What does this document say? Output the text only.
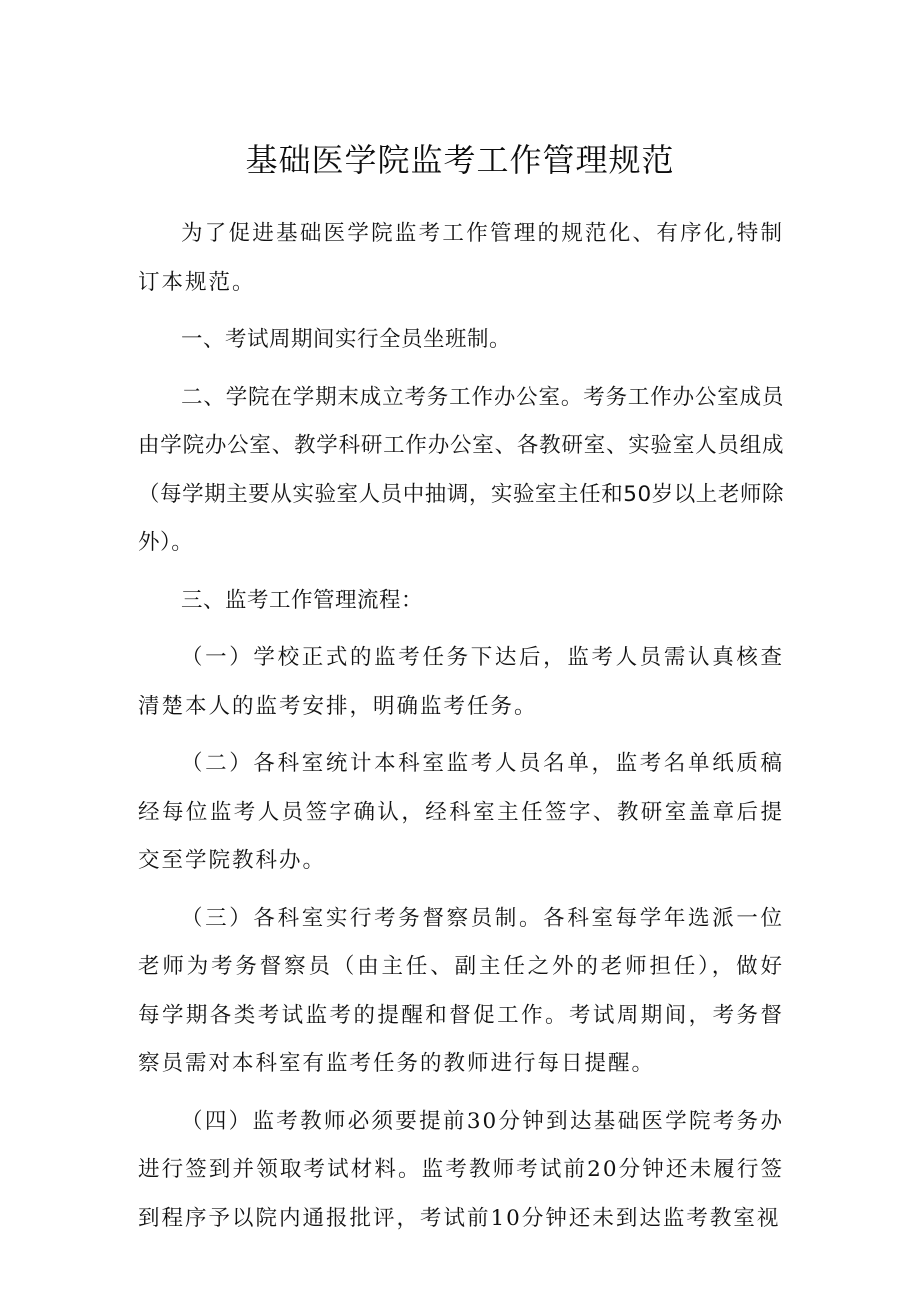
基础医学院监考工作管理规范

为了促进基础医学院监考工作管理的规范化、有序化,特制订本规范。

一、考试周期间实行全员坐班制。

二、学院在学期末成立考务工作办公室。考务工作办公室成员由学院办公室、教学科研工作办公室、各教研室、实验室人员组成（每学期主要从实验室人员中抽调，实验室主任和50岁以上老师除外）。

三、监考工作管理流程：

（一）学校正式的监考任务下达后，监考人员需认真核查清楚本人的监考安排，明确监考任务。

（二）各科室统计本科室监考人员名单，监考名单纸质稿经每位监考人员签字确认，经科室主任签字、教研室盖章后提交至学院教科办。

（三）各科室实行考务督察员制。各科室每学年选派一位老师为考务督察员（由主任、副主任之外的老师担任），做好每学期各类考试监考的提醒和督促工作。考试周期间，考务督察员需对本科室有监考任务的教师进行每日提醒。

（四）监考教师必须要提前30分钟到达基础医学院考务办进行签到并领取考试材料。监考教师考试前20分钟还未履行签到程序予以院内通报批评，考试前10分钟还未到达监考教室视
